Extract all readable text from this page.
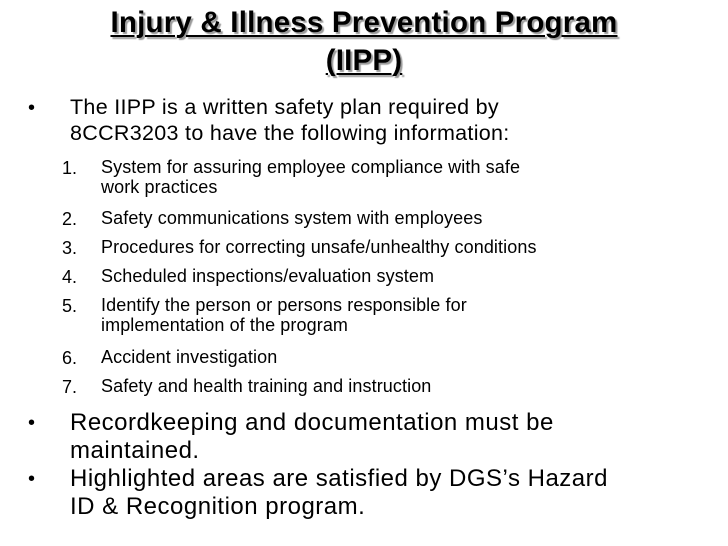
Injury & Illness Prevention Program
(IIPP)
• The IIPP is a written safety plan required by
8CCR3203 to have the following information:
1.	System for assuring employee compliance with safe
work practices
2.	Safety communications system with employees
3.	Procedures for correcting unsafe/unhealthy conditions
4.	Scheduled inspections/evaluation system
5.	Identify the person or persons responsible for
implementation of the program
6.	Accident investigation
7.	Safety and health training and instruction
• Recordkeeping and documentation must be
maintained.
• Highlighted areas are satisfied by DGS’s Hazard
ID & Recognition program.
